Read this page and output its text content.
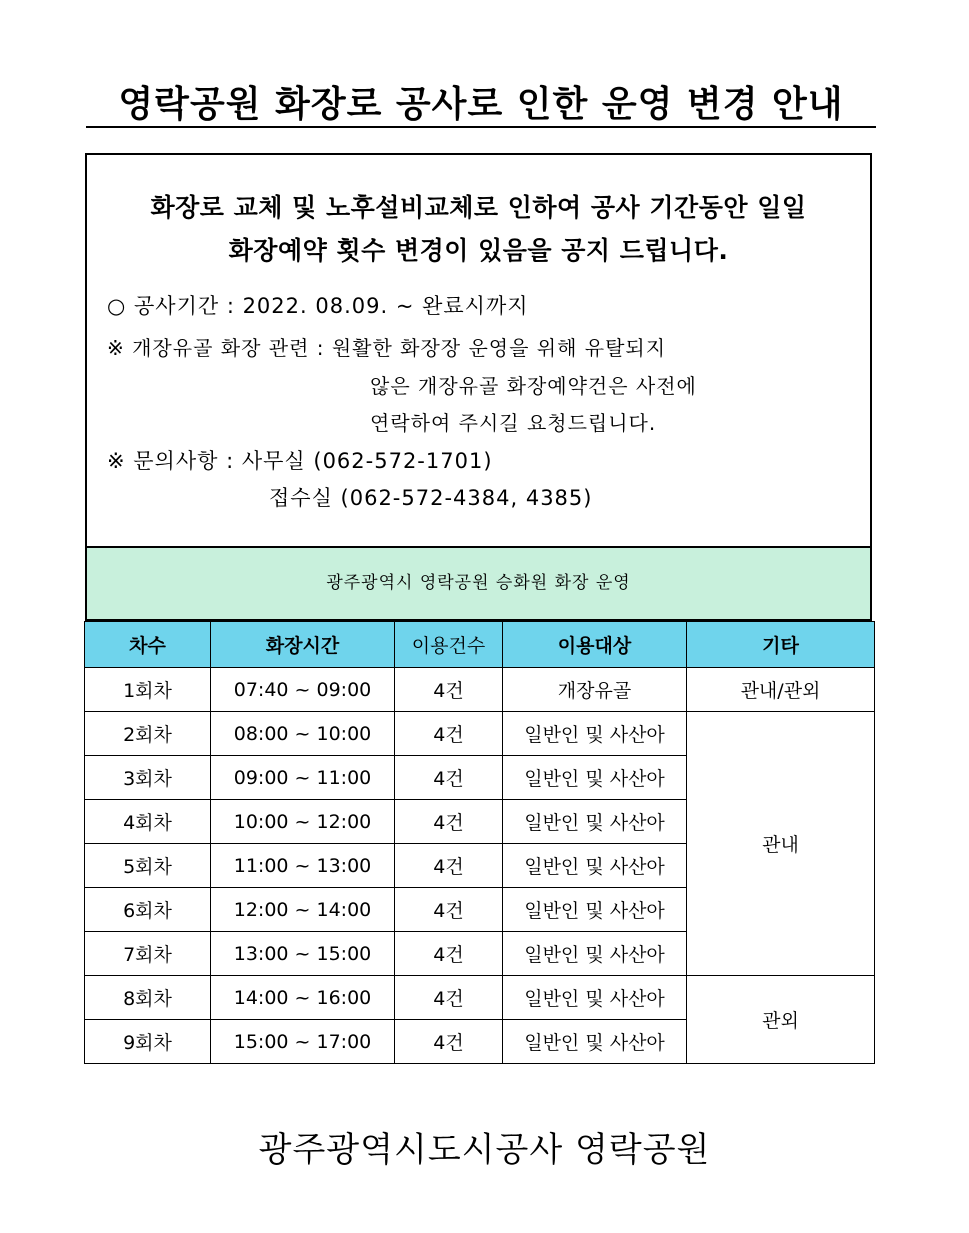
영락공원 화장로 공사로 인한 운영 변경 안내
화장로 교체 및 노후설비교체로 인하여 공사 기간동안 일일
화장예약 횟수 변경이 있음을 공지 드립니다.
○ 공사기간 : 2022. 08.09. ~ 완료시까지
※ 개장유골 화장 관련 : 원활한 화장장 운영을 위해 유탈되지
않은 개장유골 화장예약건은 사전에
연락하여 주시길 요청드립니다.
※ 문의사항 : 사무실 (062-572-1701)
접수실 (062-572-4384, 4385)
광주광역시 영락공원 승화원 화장 운영
차수	화장시간	이용건수	이용대상	기타
1회차	07:40 ~ 09:00	4건	개장유골	관내/관외
2회차	08:00 ~ 10:00	4건	일반인 및 사산아	관내
3회차	09:00 ~ 11:00	4건	일반인 및 사산아	
4회차	10:00 ~ 12:00	4건	일반인 및 사산아	
5회차	11:00 ~ 13:00	4건	일반인 및 사산아	
6회차	12:00 ~ 14:00	4건	일반인 및 사산아	
7회차	13:00 ~ 15:00	4건	일반인 및 사산아	
8회차	14:00 ~ 16:00	4건	일반인 및 사산아	관외
9회차	15:00 ~ 17:00	4건	일반인 및 사산아	
광주광역시도시공사 영락공원
